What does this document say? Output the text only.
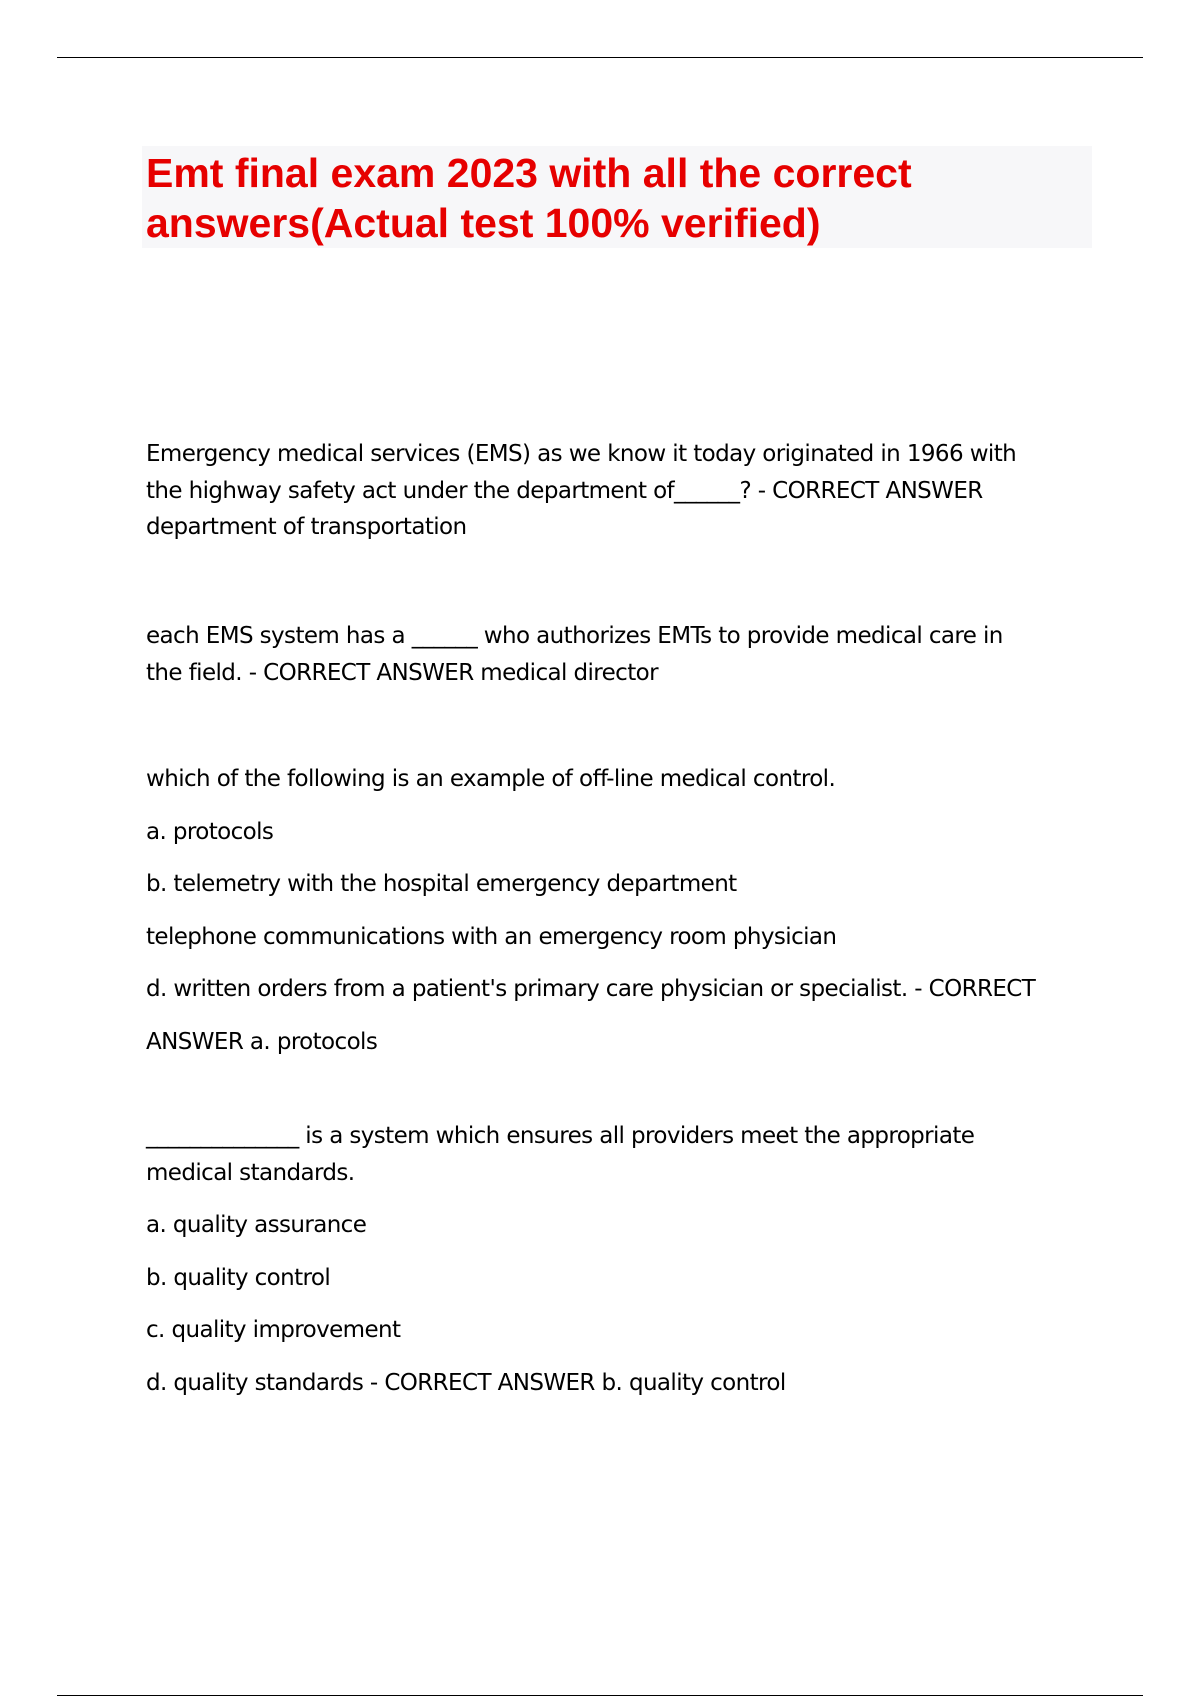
Emt final exam 2023 with all the correct
answers(Actual test 100% verified)
Emergency medical services (EMS) as we know it today originated in 1966 with
the highway safety act under the department of______? - CORRECT ANSWER
department of transportation
each EMS system has a ______ who authorizes EMTs to provide medical care in
the field. - CORRECT ANSWER medical director
which of the following is an example of off-line medical control.
a. protocols
b. telemetry with the hospital emergency department
telephone communications with an emergency room physician
d. written orders from a patient's primary care physician or specialist. - CORRECT
ANSWER a. protocols
______________ is a system which ensures all providers meet the appropriate
medical standards.
a. quality assurance
b. quality control
c. quality improvement
d. quality standards - CORRECT ANSWER b. quality control
